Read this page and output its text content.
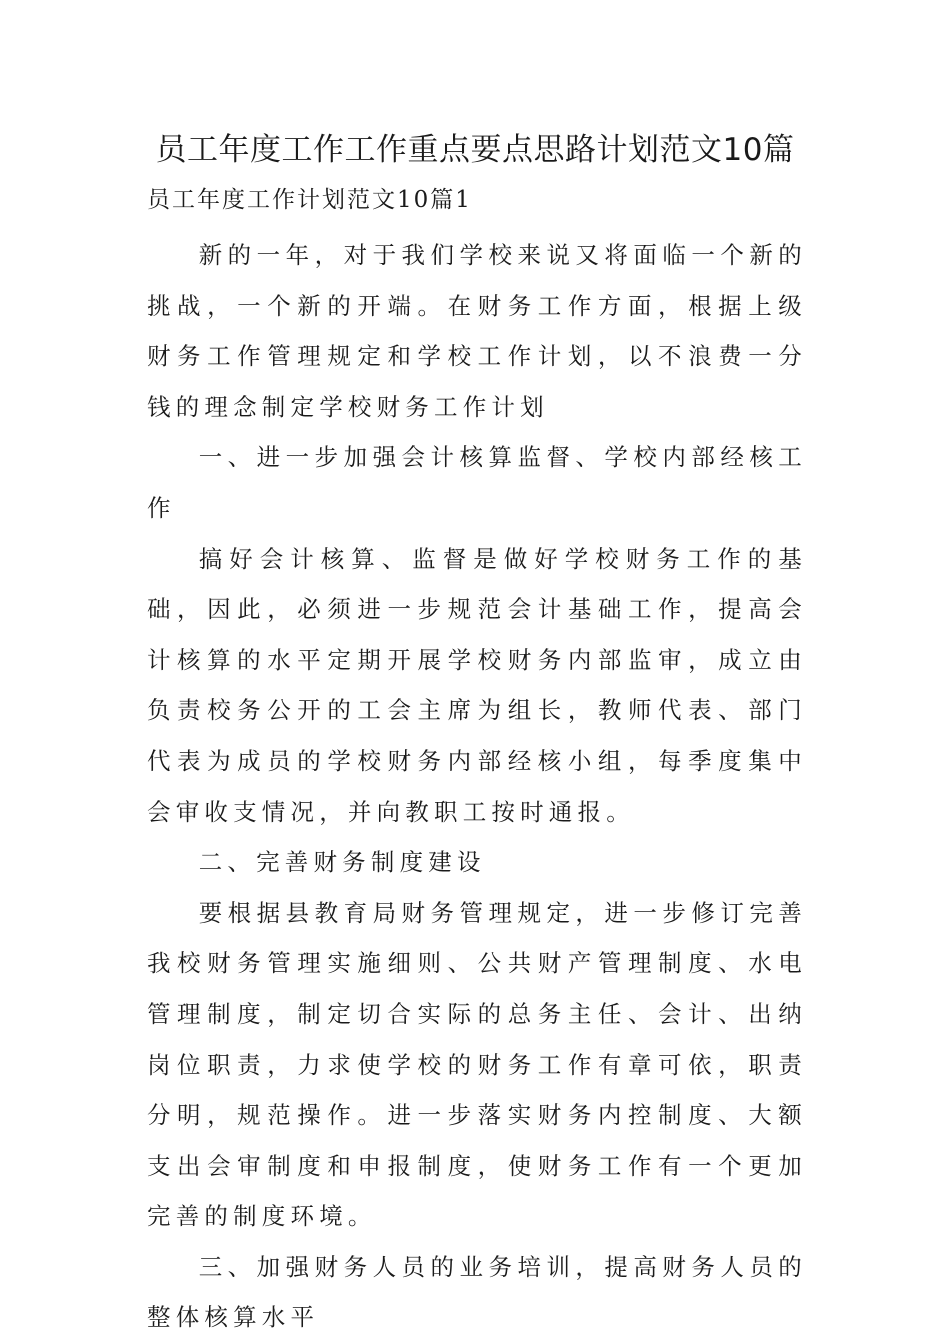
员工年度工作工作重点要点思路计划范文10篇

员工年度工作计划范文10篇1

新的一年，对于我们学校来说又将面临一个新的挑战，一个新的开端。在财务工作方面，根据上级财务工作管理规定和学校工作计划，以不浪费一分钱的理念制定学校财务工作计划

一、进一步加强会计核算监督、学校内部经核工作

搞好会计核算、监督是做好学校财务工作的基础，因此，必须进一步规范会计基础工作，提高会计核算的水平定期开展学校财务内部监审，成立由负责校务公开的工会主席为组长，教师代表、部门代表为成员的学校财务内部经核小组，每季度集中会审收支情况，并向教职工按时通报。

二、完善财务制度建设

要根据县教育局财务管理规定，进一步修订完善我校财务管理实施细则、公共财产管理制度、水电管理制度，制定切合实际的总务主任、会计、出纳岗位职责，力求使学校的财务工作有章可依，职责分明，规范操作。进一步落实财务内控制度、大额支出会审制度和申报制度，使财务工作有一个更加完善的制度环境。

三、加强财务人员的业务培训，提高财务人员的整体核算水平
